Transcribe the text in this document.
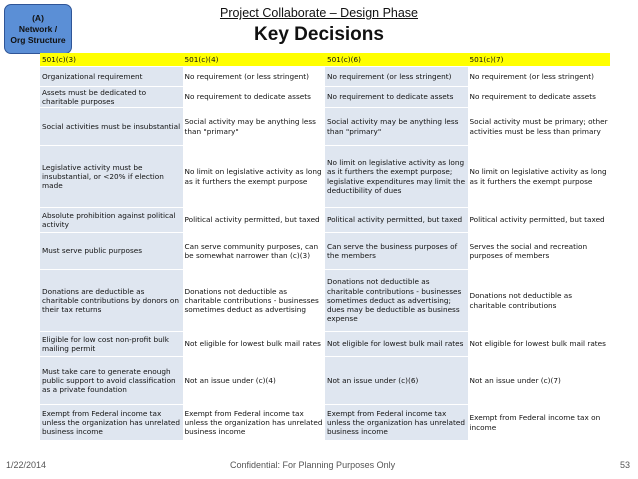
(A)
Network /
Org Structure
Project Collaborate – Design Phase
Key Decisions
501(c)(3)	501(c)(4)	501(c)(6)	501(c)(7)
Organizational requirement	No requirement (or less stringent)	No requirement (or less stringent)	No requirement (or less stringent)
Assets must be dedicated to charitable purposes	No requirement to dedicate assets	No requirement to dedicate assets	No requirement to dedicate assets
Social activities must be insubstantial	Social activity may be anything less than "primary"	Social activity may be anything less than "primary"	Social activity must be primary; other activities must be less than primary
Legislative activity must be insubstantial, or <20% if election made	No limit on legislative activity as long as it furthers the exempt purpose	No limit on legislative activity as long as it furthers the exempt purpose; legislative expenditures may limit the deductibility of dues	No limit on legislative activity as long as it furthers the exempt purpose
Absolute prohibition against political activity	Political activity permitted, but taxed	Political activity permitted, but taxed	Political activity permitted, but taxed
Must serve public purposes	Can serve community purposes, can be somewhat narrower than (c)(3)	Can serve the business purposes of the members	Serves the social and recreation purposes of members
Donations are deductible as charitable contributions by donors on their tax returns	Donations not deductible as charitable contributions - businesses sometimes deduct as advertising	Donations not deductible as charitable contributions - businesses sometimes deduct as advertising; dues may be deductible as business expense	Donations not deductible as charitable contributions
Eligible for low cost non-profit bulk mailing permit	Not eligible for lowest bulk mail rates	Not eligible for lowest bulk mail rates	Not eligible for lowest bulk mail rates
Must take care to generate enough public support to avoid classification as a private foundation	Not an issue under (c)(4)	Not an issue under (c)(6)	Not an issue under (c)(7)
Exempt from Federal income tax unless the organization has unrelated business income	Exempt from Federal income tax unless the organization has unrelated business income	Exempt from Federal income tax unless the organization has unrelated business income	Exempt from Federal income tax on income
1/22/2014	Confidential: For Planning Purposes Only	53
